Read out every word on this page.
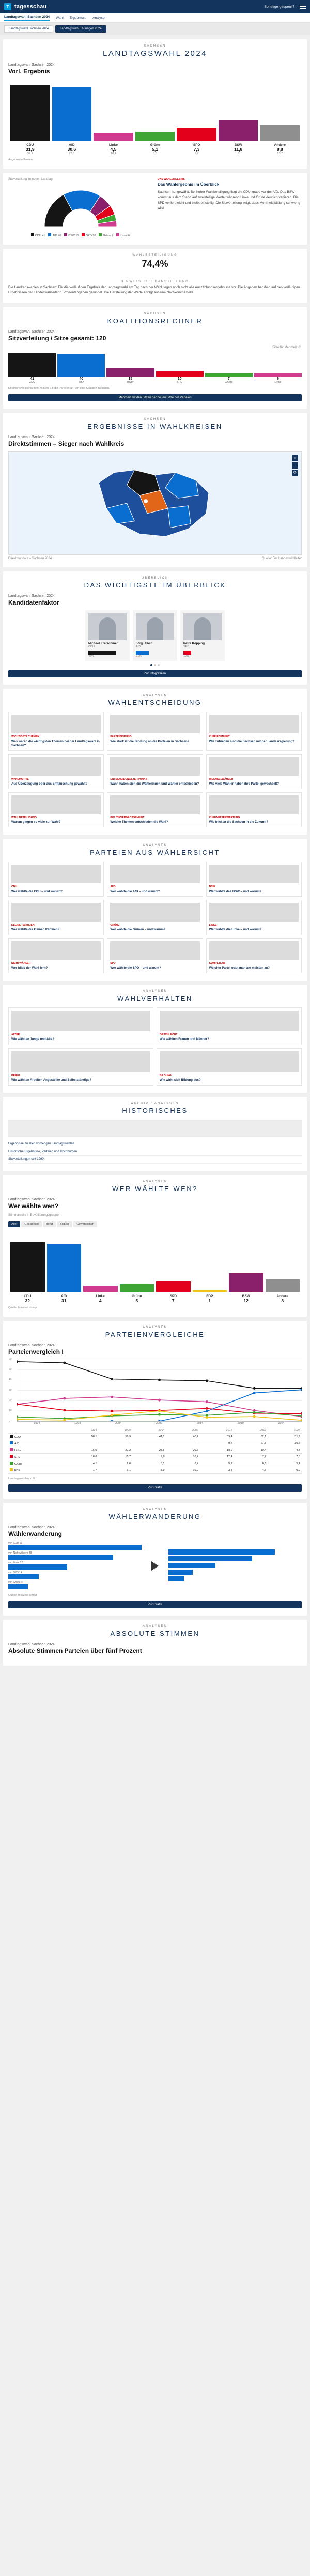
T tagesschau	Sonstige gesperrt?
Landtagswahl Sachsen 2024 Wahl Ergebnisse Analysen
Landtagswahl Sachsen 2024	Landtagswahl Thüringen 2024
SACHSEN
LANDTAGSWAHL 2024
Landtagswahl Sachsen 2024
Vorl. Ergebnis
CDU
31,9
32,1
AfD
30,6
27,5
Linke
4,5
10,4
Grüne
5,1
8,6
SPD
7,3
7,7
BSW
11,8
0
Andere
8,8
13,7
Angaben in Prozent
Sitzverteilung im neuen Landtag
CDU 41	AfD 40	BSW 15	SPD 10	Grüne 7	Linke 6
DAS WAHLERGEBNIS
Das Wahlergebnis im Überblick
Sachsen hat gewählt. Bei hoher Wahlbeteiligung liegt die CDU knapp vor der AfD. Das BSW kommt aus dem Stand auf zweistellige Werte, während Linke und Grüne deutlich verlieren. Die SPD verliert leicht und bleibt einstellig. Die Sitzverteilung zeigt, dass Mehrheitsbildung schwierig wird.
WAHLBETEILIGUNG
74,4%
HINWEIS ZUR DARSTELLUNG
Die Landtagswahlen in Sachsen: Für die vorläufigen Ergebnis der Landtagswahl am Tag nach der Wahl liegen noch nicht alle Auszählungsergebnisse vor. Die Angaben beruhen auf den vorläufigen Ergebnissen der Landeswahlleiterin. Prozentangaben gerundet. Die Darstellung der Werte erfolgt auf eine Nachkommastelle.
SACHSEN
KOALITIONSRECHNER
Landtagswahl Sachsen 2024
Sitzverteilung / Sitze gesamt: 120
Sitze für Mehrheit: 61
41
CDU
40
AfD
15
BSW
10
SPD
7
Grüne
6
Linke
Koalitionsmöglichkeiten: Klicken Sie die Parteien an, um eine Koalition zu bilden.
Mehrheit mit den Sitzen der neuen Sitze der Parteien
SACHSEN
ERGEBNISSE IN WAHLKREISEN
Landtagswahl Sachsen 2024
Direktstimmen – Sieger nach Wahlkreis
+
−
⟳
Direktmandate – Sachsen 2024	Quelle: Der Landeswahlleiter
ÜBERBLICK
DAS WICHTIGSTE IM ÜBERBLICK
Landtagswahl Sachsen 2024
Kandidatenfaktor
Michael Kretschmer
CDU
47%
Jörg Urban
AfD
21%
Petra Köpping
SPD
12%
Zur Infografiken
ANALYSEN
WAHLENTSCHEIDUNG
WICHTIGSTE THEMEN
Was waren die wichtigsten Themen bei der Landtagswahl in Sachsen?
PARTEIBINDUNG
Wie stark ist die Bindung an die Parteien in Sachsen?
ZUFRIEDENHEIT
Wie zufrieden sind die Sachsen mit der Landesregierung?
WAHLMOTIVE
Aus Überzeugung oder aus Enttäuschung gewählt?
ENTSCHEIDUNGSZEITPUNKT
Wann haben sich die Wählerinnen und Wähler entschieden?
WECHSELWÄHLER
Wie viele Wähler haben ihre Partei gewechselt?
WAHLBETEILIGUNG
Warum gingen so viele zur Wahl?
POLITIKVERDROSSENHEIT
Welche Themen entschieden die Wahl?
ZUKUNFTSERWARTUNG
Wie blicken die Sachsen in die Zukunft?
ANALYSEN
PARTEIEN AUS WÄHLERSICHT
CDU
Wer wählte die CDU – und warum?
AFD
Wer wählte die AfD – und warum?
BSW
Wer wählte das BSW – und warum?
KLEINE PARTEIEN
Wer wählte die kleinen Parteien?
GRÜNE
Wer wählte die Grünen – und warum?
LINKE
Wer wählte die Linke – und warum?
NICHTWÄHLER
Wer blieb der Wahl fern?
SPD
Wer wählte die SPD – und warum?
KOMPETENZ
Welcher Partei traut man am meisten zu?
ANALYSEN
WAHLVERHALTEN
ALTER
Wie wählten Junge und Alte?
GESCHLECHT
Wie wählten Frauen und Männer?
BERUF
Wie wählten Arbeiter, Angestellte und Selbstständige?
BILDUNG
Wie wirkt sich Bildung aus?
ARCHIV / ANALYSEN
HISTORISCHES
Ergebnisse zu allen vorherigen Landtagswahlen
Historische Ergebnisse, Parteien und Hochburgen
Sitzverteilungen seit 1990
ANALYSEN
WER WÄHLTE WEN?
Landtagswahl Sachsen 2024
Wer wählte wen?
Stimmanteile in Bevölkerungsgruppen
Alter	Geschlecht	Beruf	Bildung	Gewerkschaft
CDU
32
AfD
31
Linke
4
Grüne
5
SPD
7
FDP
1
BSW
12
Andere
8
Quelle: Infratest dimap
ANALYSEN
PARTEIENVERGLEICHE
Landtagswahl Sachsen 2024
Parteienvergleich I
0
10
20
30
40
50
60
1994	1999	2004	2009	2014	2019	2024
	1994	1999	2004	2009	2014	2019	2024
CDU	58,1	56,9	41,1	40,2	39,4	32,1	31,9
AfD	–	–	–	–	9,7	27,5	30,6
Linke	16,5	22,2	23,6	20,6	18,9	10,4	4,5
SPD	16,6	10,7	9,8	10,4	12,4	7,7	7,3
Grüne	4,1	2,6	5,1	6,4	5,7	8,6	5,1
FDP	1,7	1,1	5,9	10,0	3,8	4,5	0,9
Landtagswahlen in %
Zur Grafik
ANALYSEN
WÄHLERWANDERUNG
Landtagswahl Sachsen 2024
Wählerwanderung
von CDU 61
von Nichtwählern 48
von Linke 27
von SPD 14
von Grüne 9
Quelle: Infratest dimap
Zur Grafik
ANALYSEN
ABSOLUTE STIMMEN
Landtagswahl Sachsen 2024
Absolute Stimmen Parteien über fünf Prozent
